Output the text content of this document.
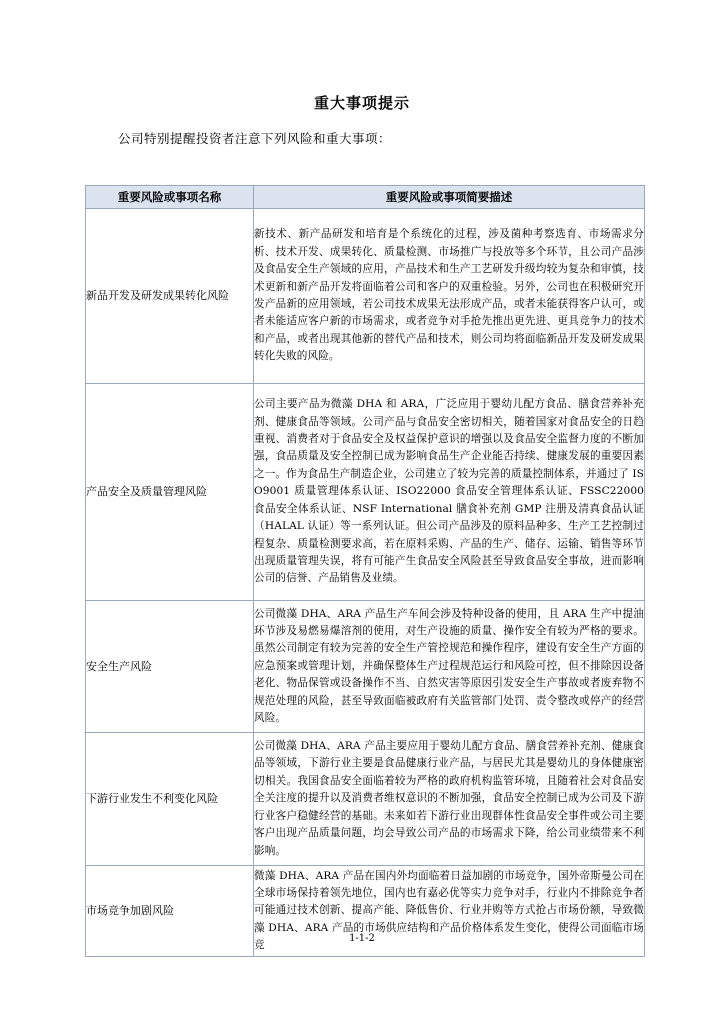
重大事项提示
公司特别提醒投资者注意下列风险和重大事项：
重要风险或事项名称	重要风险或事项简要描述
新品开发及研发成果转化风险	新技术、新产品研发和培育是个系统化的过程，涉及菌种考察选育、市场需求分析、技术开发、成果转化、质量检测、市场推广与投放等多个环节，且公司产品涉及食品安全生产领域的应用，产品技术和生产工艺研发升级均较为复杂和审慎，技术更新和新产品开发将面临着公司和客户的双重检验。另外，公司也在积极研究开发产品新的应用领域，若公司技术成果无法形成产品，或者未能获得客户认可，或者未能适应客户新的市场需求，或者竞争对手抢先推出更先进、更具竞争力的技术和产品，或者出现其他新的替代产品和技术，则公司均将面临新品开发及研发成果转化失败的风险。

产品安全及质量管理风险	公司主要产品为微藻 DHA 和 ARA，广泛应用于婴幼儿配方食品、膳食营养补充剂、健康食品等领域。公司产品与食品安全密切相关，随着国家对食品安全的日趋重视、消费者对于食品安全及权益保护意识的增强以及食品安全监督力度的不断加强，食品质量及安全控制已成为影响食品生产企业能否持续、健康发展的重要因素之一。作为食品生产制造企业，公司建立了较为完善的质量控制体系，并通过了 ISO9001 质量管理体系认证、ISO22000 食品安全管理体系认证、FSSC22000 食品安全体系认证、NSF International 膳食补充剂 GMP 注册及清真食品认证（HALAL 认证）等一系列认证。但公司产品涉及的原料品种多、生产工艺控制过程复杂、质量检测要求高，若在原料采购、产品的生产、储存、运输、销售等环节出现质量管理失误，将有可能产生食品安全风险甚至导致食品安全事故，进而影响公司的信誉、产品销售及业绩。

安全生产风险	公司微藻 DHA、ARA 产品生产车间会涉及特种设备的使用，且 ARA 生产中提油环节涉及易燃易爆溶剂的使用，对生产设施的质量、操作安全有较为严格的要求。虽然公司制定有较为完善的安全生产管控规范和操作程序，建设有安全生产方面的应急预案或管理计划，并确保整体生产过程规范运行和风险可控，但不排除因设备老化、物品保管或设备操作不当、自然灾害等原因引发安全生产事故或者废弃物不规范处理的风险，甚至导致面临被政府有关监管部门处罚、责令整改或停产的经营风险。

下游行业发生不利变化风险	公司微藻 DHA、ARA 产品主要应用于婴幼儿配方食品、膳食营养补充剂、健康食品等领域，下游行业主要是食品健康行业产品，与居民尤其是婴幼儿的身体健康密切相关。我国食品安全面临着较为严格的政府机构监管环境，且随着社会对食品安全关注度的提升以及消费者维权意识的不断加强，食品安全控制已成为公司及下游行业客户稳健经营的基础。未来如若下游行业出现群体性食品安全事件或公司主要客户出现产品质量问题，均会导致公司产品的市场需求下降，给公司业绩带来不利影响。

市场竞争加剧风险	微藻 DHA、ARA 产品在国内外均面临着日益加剧的市场竞争，国外帝斯曼公司在全球市场保持着领先地位，国内也有嘉必优等实力竞争对手，行业内不排除竞争者可能通过技术创新、提高产能、降低售价、行业并购等方式抢占市场份额，导致微藻 DHA、ARA 产品的市场供应结构和产品价格体系发生变化，使得公司面临市场竞
1-1-2
